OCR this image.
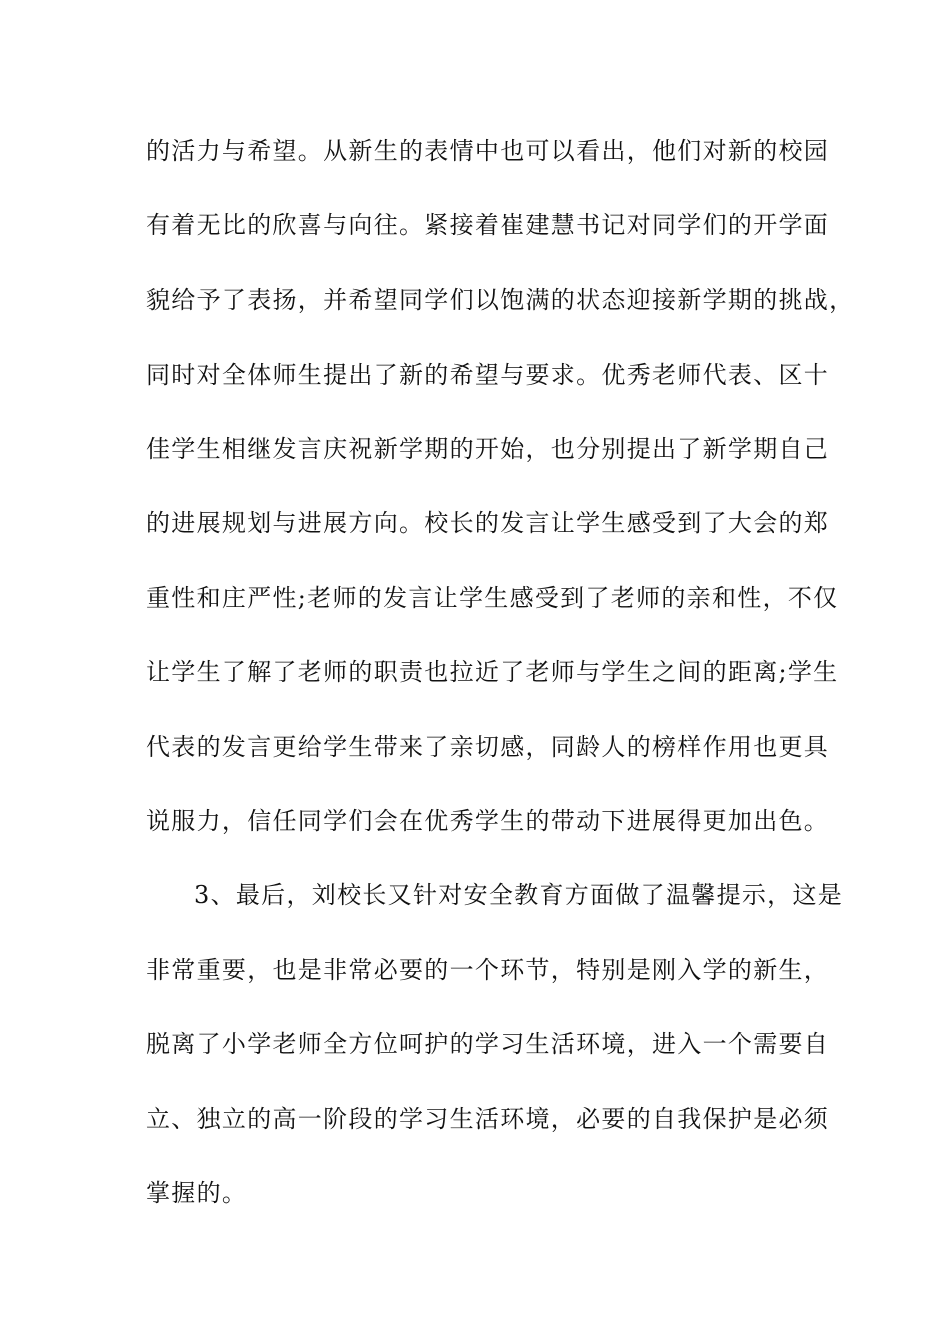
的活力与希望。从新生的表情中也可以看出，他们对新的校园
有着无比的欣喜与向往。紧接着崔建慧书记对同学们的开学面
貌给予了表扬，并希望同学们以饱满的状态迎接新学期的挑战，
同时对全体师生提出了新的希望与要求。优秀老师代表、区十
佳学生相继发言庆祝新学期的开始，也分别提出了新学期自己
的进展规划与进展方向。校长的发言让学生感受到了大会的郑
重性和庄严性;老师的发言让学生感受到了老师的亲和性，不仅
让学生了解了老师的职责也拉近了老师与学生之间的距离;学生
代表的发言更给学生带来了亲切感，同龄人的榜样作用也更具
说服力，信任同学们会在优秀学生的带动下进展得更加出色。
3、最后，刘校长又针对安全教育方面做了温馨提示，这是
非常重要，也是非常必要的一个环节，特别是刚入学的新生，
脱离了小学老师全方位呵护的学习生活环境，进入一个需要自
立、独立的高一阶段的学习生活环境，必要的自我保护是必须
掌握的。
